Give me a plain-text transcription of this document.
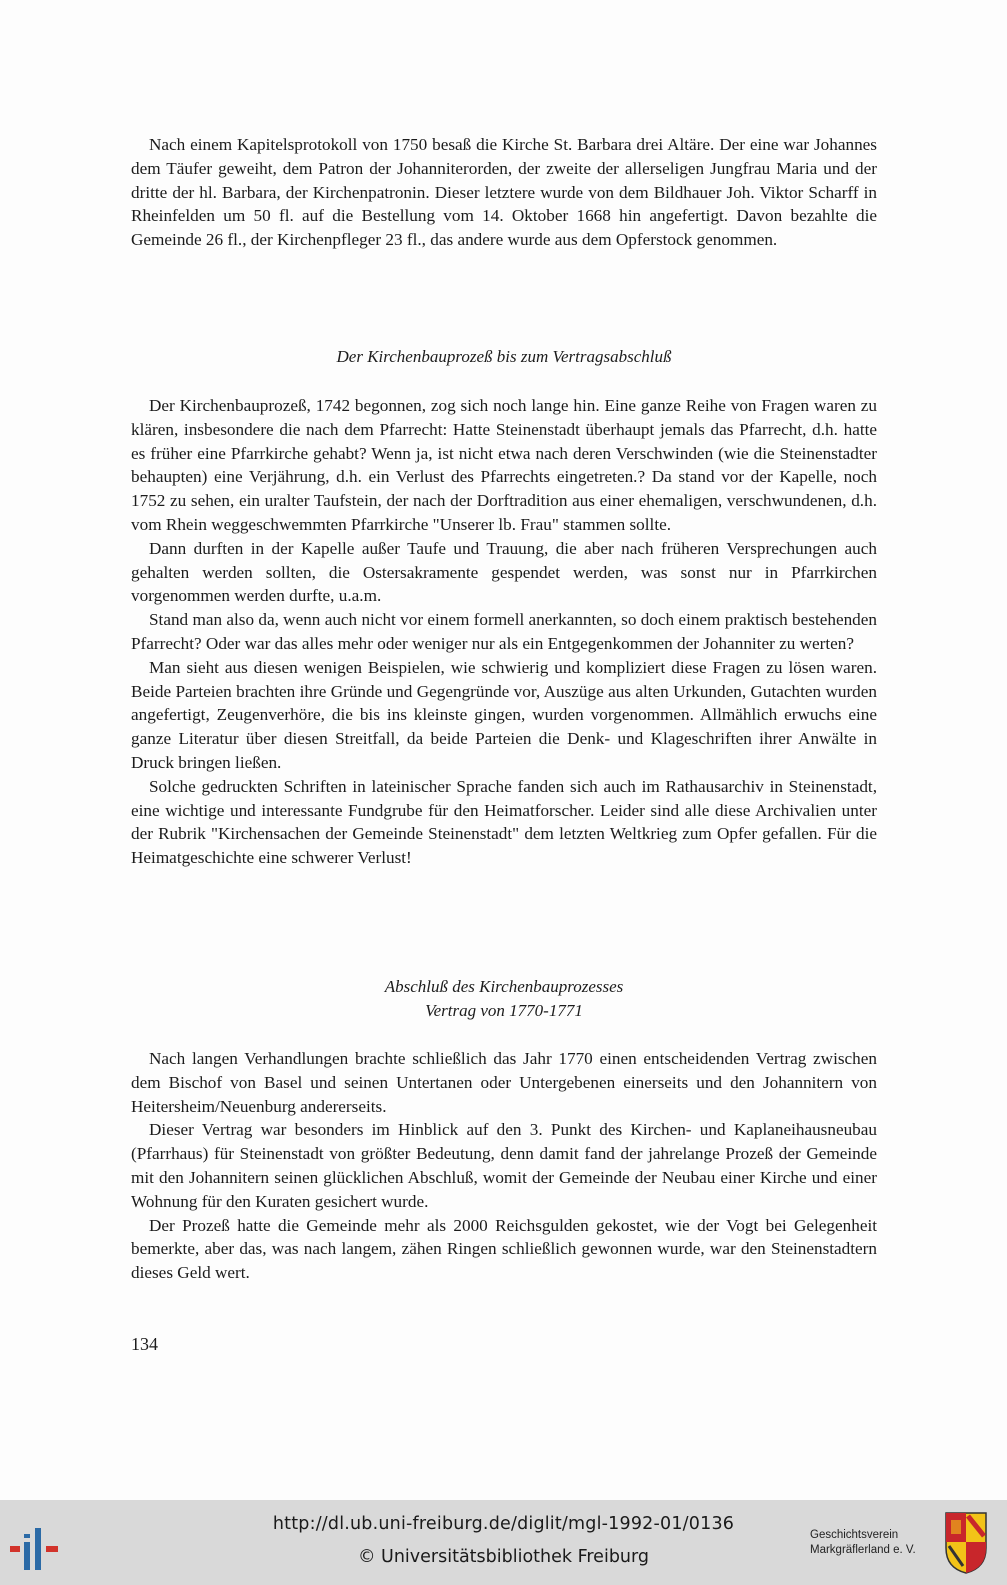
Nach einem Kapitelsprotokoll von 1750 besaß die Kirche St. Barbara drei Altäre. Der eine war Johannes dem Täufer geweiht, dem Patron der Johanniterorden, der zweite der allerseligen Jungfrau Maria und der dritte der hl. Barbara, der Kirchenpatronin. Dieser letztere wurde von dem Bildhauer Joh. Viktor Scharff in Rheinfelden um 50 fl. auf die Bestellung vom 14. Oktober 1668 hin angefertigt. Davon bezahlte die Gemeinde 26 fl., der Kirchenpfleger 23 fl., das andere wurde aus dem Opferstock genommen.

Der Kirchenbauprozeß bis zum Vertragsabschluß

Der Kirchenbauprozeß, 1742 begonnen, zog sich noch lange hin. Eine ganze Reihe von Fragen waren zu klären, insbesondere die nach dem Pfarrecht: Hatte Steinenstadt überhaupt jemals das Pfarrecht, d.h. hatte es früher eine Pfarrkirche gehabt? Wenn ja, ist nicht etwa nach deren Verschwinden (wie die Steinenstadter behaupten) eine Verjährung, d.h. ein Verlust des Pfarrechts eingetreten.? Da stand vor der Kapelle, noch 1752 zu sehen, ein uralter Taufstein, der nach der Dorftradition aus einer ehemaligen, verschwundenen, d.h. vom Rhein weggeschwemmten Pfarrkirche "Unserer lb. Frau" stammen sollte.

Dann durften in der Kapelle außer Taufe und Trauung, die aber nach früheren Versprechungen auch gehalten werden sollten, die Ostersakramente gespendet werden, was sonst nur in Pfarrkirchen vorgenommen werden durfte, u.a.m.

Stand man also da, wenn auch nicht vor einem formell anerkannten, so doch einem praktisch bestehenden Pfarrecht? Oder war das alles mehr oder weniger nur als ein Entgegenkommen der Johanniter zu werten?

Man sieht aus diesen wenigen Beispielen, wie schwierig und kompliziert diese Fragen zu lösen waren. Beide Parteien brachten ihre Gründe und Gegengründe vor, Auszüge aus alten Urkunden, Gutachten wurden angefertigt, Zeugenverhöre, die bis ins kleinste gingen, wurden vorgenommen. Allmählich erwuchs eine ganze Literatur über diesen Streitfall, da beide Parteien die Denk- und Klageschriften ihrer Anwälte in Druck bringen ließen.

Solche gedruckten Schriften in lateinischer Sprache fanden sich auch im Rathausarchiv in Steinenstadt, eine wichtige und interessante Fundgrube für den Heimatforscher. Leider sind alle diese Archivalien unter der Rubrik "Kirchensachen der Gemeinde Steinenstadt" dem letzten Weltkrieg zum Opfer gefallen. Für die Heimatgeschichte eine schwerer Verlust!

Abschluß des Kirchenbauprozesses
Vertrag von 1770-1771

Nach langen Verhandlungen brachte schließlich das Jahr 1770 einen entscheidenden Vertrag zwischen dem Bischof von Basel und seinen Untertanen oder Untergebenen einerseits und den Johannitern von Heitersheim/Neuenburg andererseits.

Dieser Vertrag war besonders im Hinblick auf den 3. Punkt des Kirchen- und Kaplaneihausneubau (Pfarrhaus) für Steinenstadt von größter Bedeutung, denn damit fand der jahrelange Prozeß der Gemeinde mit den Johannitern seinen glücklichen Abschluß, womit der Gemeinde der Neubau einer Kirche und einer Wohnung für den Kuraten gesichert wurde.

Der Prozeß hatte die Gemeinde mehr als 2000 Reichsgulden gekostet, wie der Vogt bei Gelegenheit bemerkte, aber das, was nach langem, zähen Ringen schließlich gewonnen wurde, war den Steinenstadtern dieses Geld wert.

134
http://dl.ub.uni-freiburg.de/diglit/mgl-1992-01/0136
© Universitätsbibliothek Freiburg
Geschichtsverein
Markgräflerland e. V.
